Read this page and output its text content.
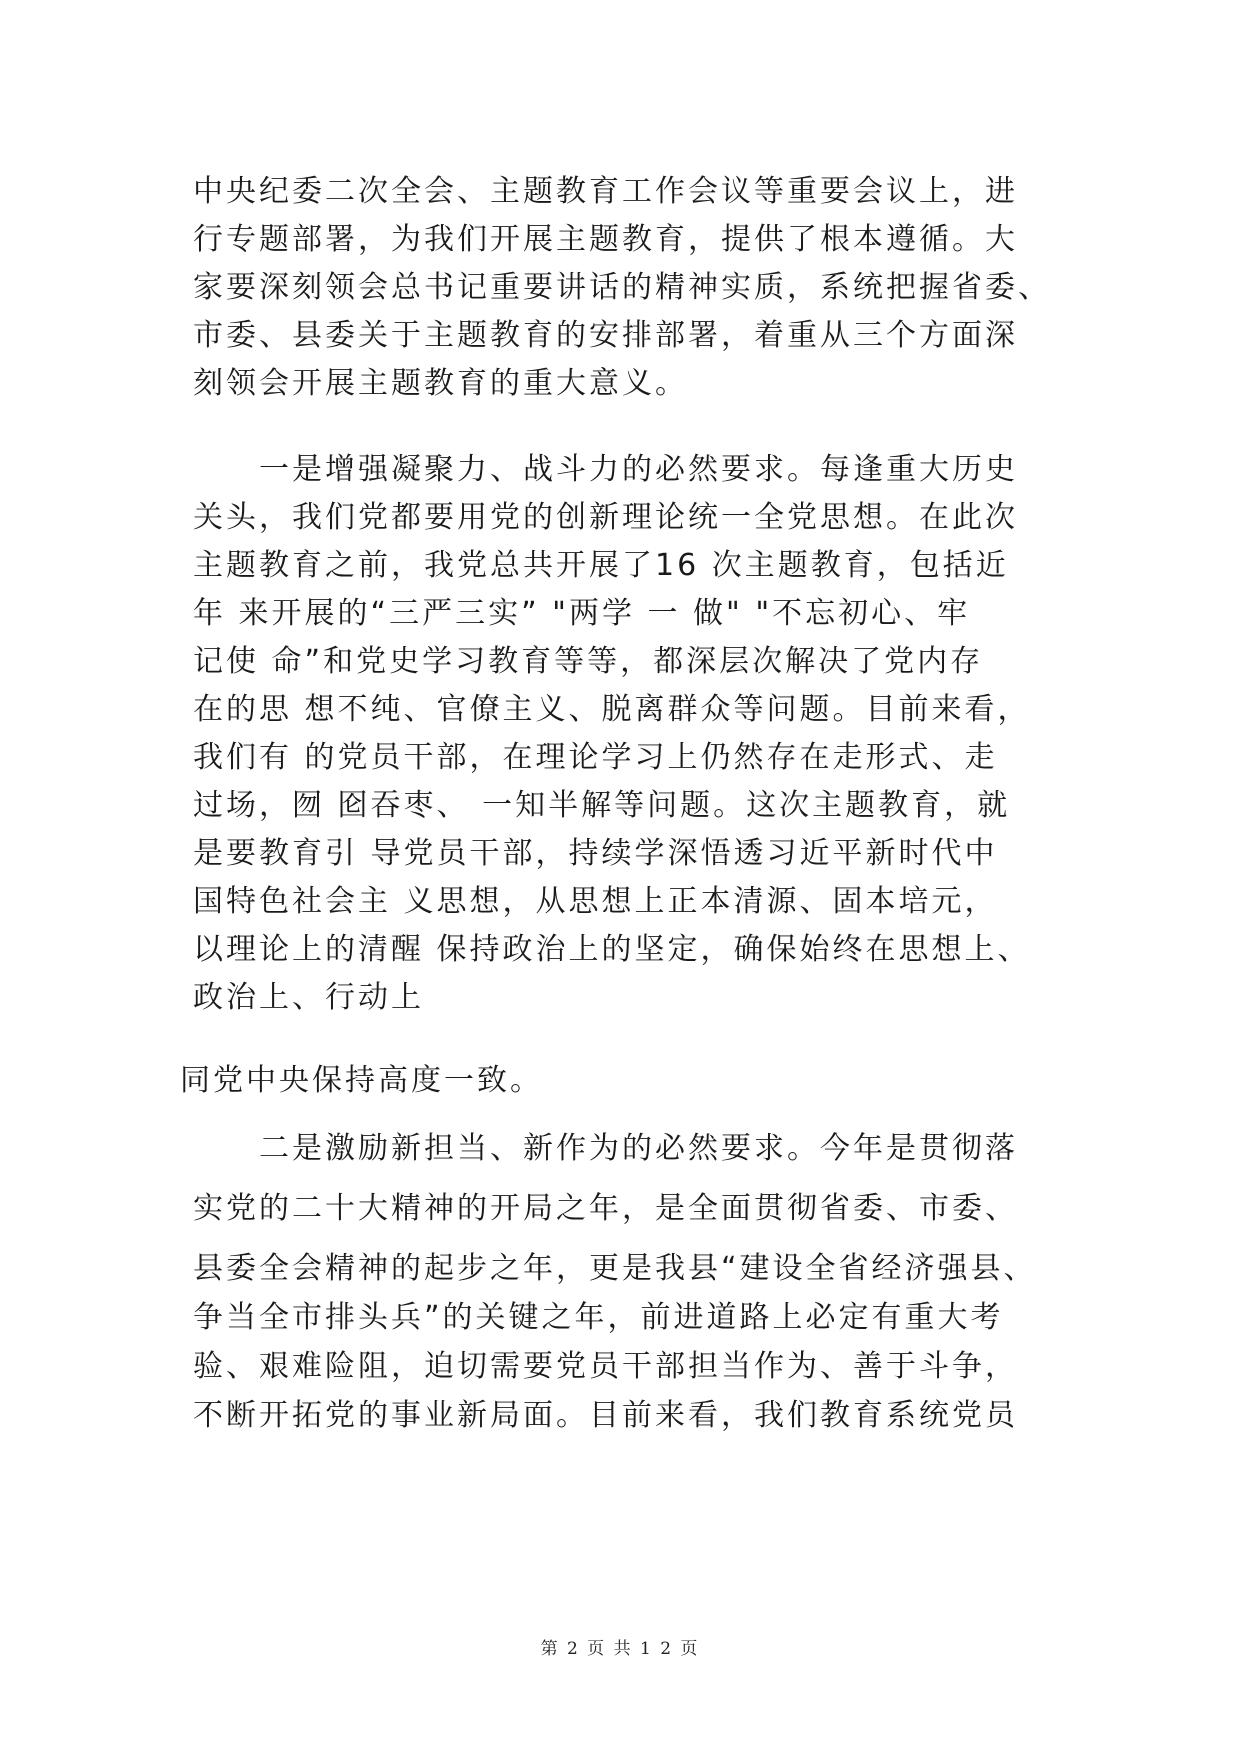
中央纪委二次全会、主题教育工作会议等重要会议上，进
行专题部署，为我们开展主题教育，提供了根本遵循。大
家要深刻领会总书记重要讲话的精神实质，系统把握省委、
市委、县委关于主题教育的安排部署，着重从三个方面深
刻领会开展主题教育的重大意义。
　　一是增强凝聚力、战斗力的必然要求。每逢重大历史
关头，我们党都要用党的创新理论统一全党思想。在此次
主题教育之前，我党总共开展了16 次主题教育，包括近
年 来开展的“三严三实” "两学 一 做" "不忘初心、牢
记使 命”和党史学习教育等等，都深层次解决了党内存
在的思 想不纯、官僚主义、脱离群众等问题。目前来看，
我们有 的党员干部，在理论学习上仍然存在走形式、走
过场，囫 囵吞枣、 一知半解等问题。这次主题教育，就
是要教育引 导党员干部，持续学深悟透习近平新时代中
国特色社会主 义思想，从思想上正本清源、固本培元，
以理论上的清醒 保持政治上的坚定，确保始终在思想上、
政治上、行动上
同党中央保持高度一致。
　　二是激励新担当、新作为的必然要求。今年是贯彻落
实党的二十大精神的开局之年，是全面贯彻省委、市委、
县委全会精神的起步之年，更是我县“建设全省经济强县、
争当全市排头兵”的关键之年，前进道路上必定有重大考
验、艰难险阻，迫切需要党员干部担当作为、善于斗争，
不断开拓党的事业新局面。目前来看，我们教育系统党员
第 2 页 共 1 2 页
